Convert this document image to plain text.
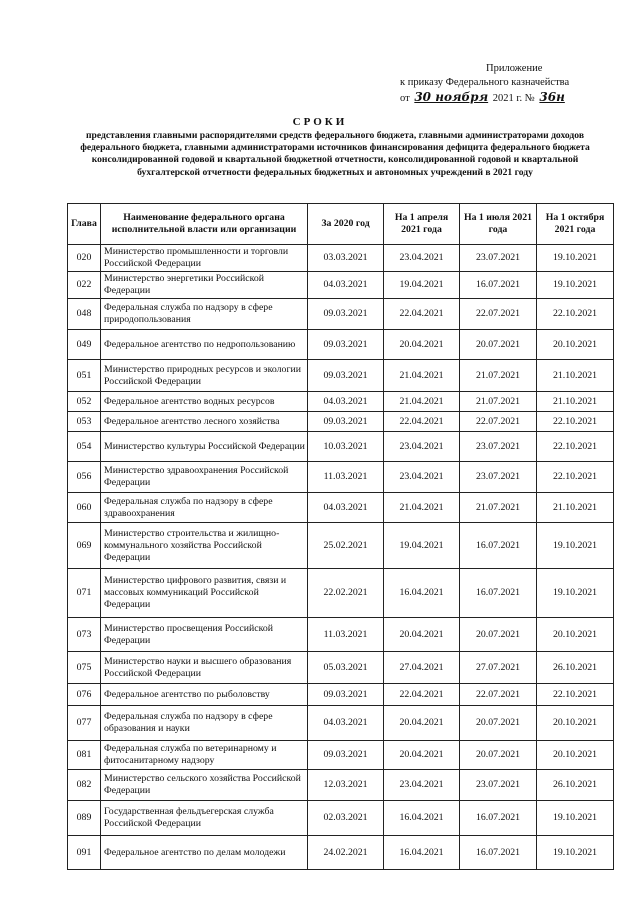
Приложение
к приказу Федерального казначейства
от 30 ноября 2021 г. № 36н
СРОКИ
представления главными распорядителями средств федерального бюджета, главными администраторами доходов федерального бюджета, главными администраторами источников финансирования дефицита федерального бюджета консолидированной годовой и квартальной бюджетной отчетности, консолидированной годовой и квартальной бухгалтерской отчетности федеральных бюджетных и автономных учреждений в 2021 году
Глава	Наименование федерального органа исполнительной власти или организации	За 2020 год	На 1 апреля 2021 года	На 1 июля 2021 года	На 1 октября 2021 года
020	Министерство промышленности и торговли Российской Федерации	03.03.2021	23.04.2021	23.07.2021	19.10.2021
022	Министерство энергетики Российской Федерации	04.03.2021	19.04.2021	16.07.2021	19.10.2021
048	Федеральная служба по надзору в сфере природопользования	09.03.2021	22.04.2021	22.07.2021	22.10.2021
049	Федеральное агентство по недропользованию	09.03.2021	20.04.2021	20.07.2021	20.10.2021
051	Министерство природных ресурсов и экологии Российской Федерации	09.03.2021	21.04.2021	21.07.2021	21.10.2021
052	Федеральное агентство водных ресурсов	04.03.2021	21.04.2021	21.07.2021	21.10.2021
053	Федеральное агентство лесного хозяйства	09.03.2021	22.04.2021	22.07.2021	22.10.2021
054	Министерство культуры Российской Федерации	10.03.2021	23.04.2021	23.07.2021	22.10.2021
056	Министерство здравоохранения Российской Федерации	11.03.2021	23.04.2021	23.07.2021	22.10.2021
060	Федеральная служба по надзору в сфере здравоохранения	04.03.2021	21.04.2021	21.07.2021	21.10.2021
069	Министерство строительства и жилищно-коммунального хозяйства Российской Федерации	25.02.2021	19.04.2021	16.07.2021	19.10.2021
071	Министерство цифрового развития, связи и массовых коммуникаций Российской Федерации	22.02.2021	16.04.2021	16.07.2021	19.10.2021
073	Министерство просвещения Российской Федерации	11.03.2021	20.04.2021	20.07.2021	20.10.2021
075	Министерство науки и высшего образования Российской Федерации	05.03.2021	27.04.2021	27.07.2021	26.10.2021
076	Федеральное агентство по рыболовству	09.03.2021	22.04.2021	22.07.2021	22.10.2021
077	Федеральная служба по надзору в сфере образования и науки	04.03.2021	20.04.2021	20.07.2021	20.10.2021
081	Федеральная служба по ветеринарному и фитосанитарному надзору	09.03.2021	20.04.2021	20.07.2021	20.10.2021
082	Министерство сельского хозяйства Российской Федерации	12.03.2021	23.04.2021	23.07.2021	26.10.2021
089	Государственная фельдъегерская служба Российской Федерации	02.03.2021	16.04.2021	16.07.2021	19.10.2021
091	Федеральное агентство по делам молодежи	24.02.2021	16.04.2021	16.07.2021	19.10.2021
